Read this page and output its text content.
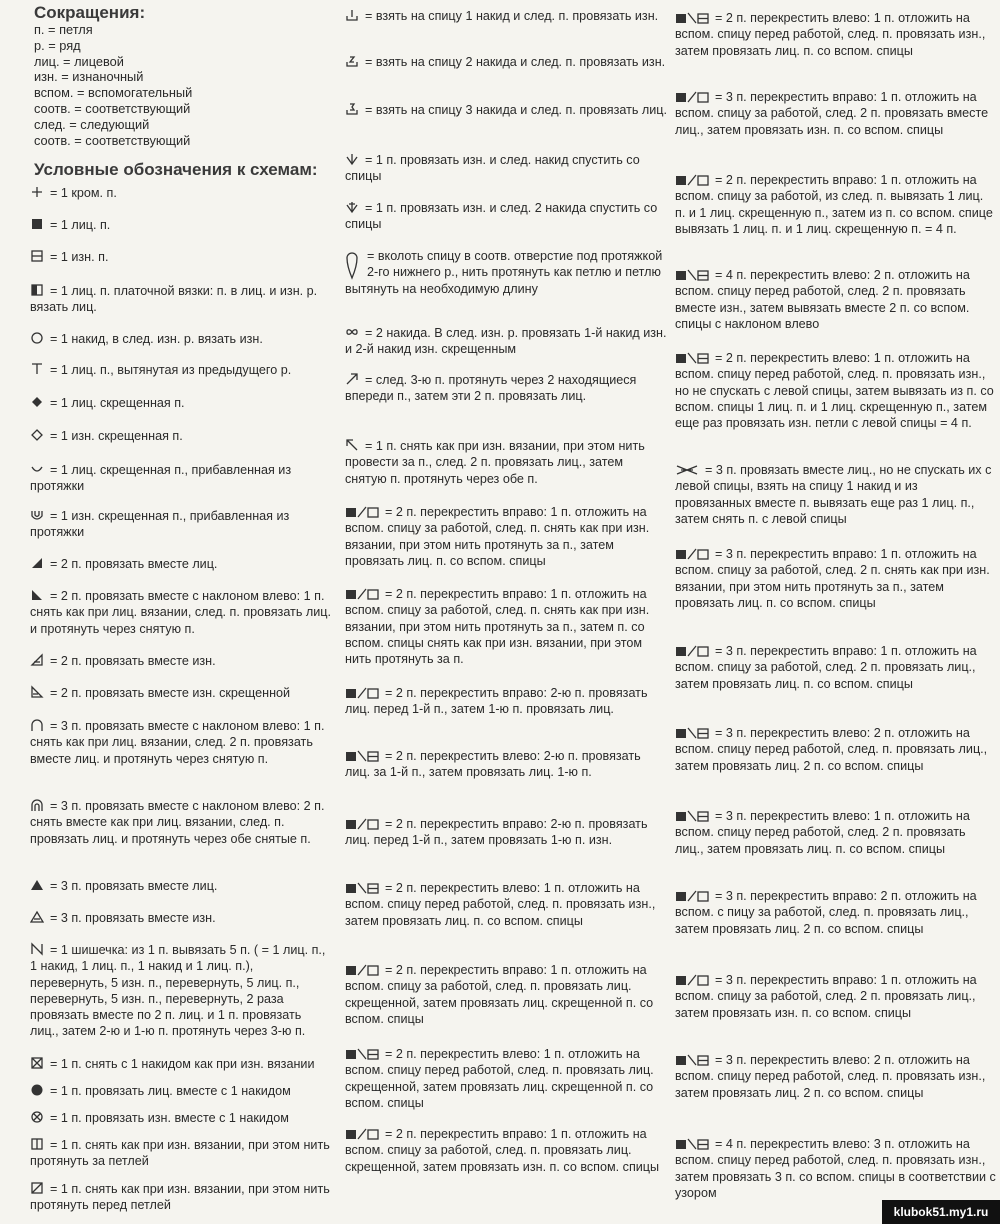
Сокращения:
п. = петля
р. = ряд
лиц. = лицевой
изн. = изнаночный
вспом. = вспомогательный
соотв. = соответствующий
след. = следующий
соотв. = соответствующий
Условные обозначения к схемам:
= 1 кром. п.
= 1 лиц. п.
= 1 изн. п.
= 1 лиц. п. платочной вязки: п. в лиц. и изн. р. вязать лиц.
= 1 накид, в след. изн. р. вязать изн.
= 1 лиц. п., вытянутая из предыдущего р.
= 1 лиц. скрещенная п.
= 1 изн. скрещенная п.
= 1 лиц. скрещенная п., прибавленная из протяжки
= 1 изн. скрещенная п., прибавленная из протяжки
= 2 п. провязать вместе лиц.
= 2 п. провязать вместе с наклоном влево: 1 п. снять как при лиц. вязании, след. п. провязать лиц. и протянуть через снятую п.
= 2 п. провязать вместе изн.
= 2 п. провязать вместе изн. скрещенной
= 3 п. провязать вместе с наклоном влево: 1 п. снять как при лиц. вязании, след. 2 п. провязать вместе лиц. и протянуть через снятую п.
= 3 п. провязать вместе с наклоном влево: 2 п. снять вместе как при лиц. вязании, след. п. провязать лиц. и протянуть через обе снятые п.
= 3 п. провязать вместе лиц.
= 3 п. провязать вместе изн.
= 1 шишечка: из 1 п. вывязать 5 п. ( = 1 лиц. п., 1 накид, 1 лиц. п., 1 накид и 1 лиц. п.), перевернуть, 5 изн. п., перевернуть, 5 лиц. п., перевернуть, 5 изн. п., перевернуть, 2 раза провязать вместе по 2 п. лиц. и 1 п. провязать лиц., затем 2-ю и 1-ю п. протянуть через 3-ю п.
= 1 п. снять с 1 накидом как при изн. вязании
= 1 п. провязать лиц. вместе с 1 накидом
= 1 п. провязать изн. вместе с 1 накидом
= 1 п. снять как при изн. вязании, при этом нить протянуть за петлей
= 1 п. снять как при изн. вязании, при этом нить протянуть перед петлей
= взять на спицу 1 накид и след. п. провязать изн.
= взять на спицу 2 накида и след. п. провязать изн.
= взять на спицу 3 накида и след. п. провязать лиц.
= 1 п. провязать изн. и след. накид спустить со спицы
= 1 п. провязать изн. и след. 2 накида спустить со спицы
= вколоть спицу в соотв. отверстие под протяжкой 2-го нижнего р., нить протянуть как петлю и петлю вытянуть на необходимую длину
= 2 накида. В след. изн. р. провязать 1-й накид изн. и 2-й накид изн. скрещенным
= след. 3-ю п. протянуть через 2 находящиеся впереди п., затем эти 2 п. провязать лиц.
= 1 п. снять как при изн. вязании, при этом нить провести за п., след. 2 п. провязать лиц., затем снятую п. протянуть через обе п.
= 2 п. перекрестить вправо: 1 п. отложить на вспом. спицу за работой, след. п. снять как при изн. вязании, при этом нить протянуть за п., затем провязать лиц. п. со вспом. спицы
= 2 п. перекрестить вправо: 1 п. отложить на вспом. спицу за работой, след. п. снять как при изн. вязании, при этом нить протянуть за п., затем п. со вспом. спицы снять как при изн. вязании, при этом нить протянуть за п.
= 2 п. перекрестить вправо: 2-ю п. провязать лиц. перед 1-й п., затем 1-ю п. провязать лиц.
= 2 п. перекрестить влево: 2-ю п. провязать лиц. за 1-й п., затем провязать лиц. 1-ю п.
= 2 п. перекрестить вправо: 2-ю п. провязать лиц. перед 1-й п., затем провязать 1-ю п. изн.
= 2 п. перекрестить влево: 1 п. отложить на вспом. спицу перед работой, след. п. провязать изн., затем провязать лиц. п. со вспом. спицы
= 2 п. перекрестить вправо: 1 п. отложить на вспом. спицу за работой, след. п. провязать лиц. скрещенной, затем провязать лиц. скрещенной п. со вспом. спицы
= 2 п. перекрестить влево: 1 п. отложить на вспом. спицу перед работой, след. п. провязать лиц. скрещенной, затем провязать лиц. скрещенной п. со вспом. спицы
= 2 п. перекрестить вправо: 1 п. отложить на вспом. спицу за работой, след. п. провязать лиц. скрещенной, затем провязать изн. п. со вспом. спицы
= 2 п. перекрестить влево: 1 п. отложить на вспом. спицу перед работой, след. п. провязать изн., затем провязать лиц. п. со вспом. спицы
= 3 п. перекрестить вправо: 1 п. отложить на вспом. спицу за работой, след. 2 п. провязать вместе лиц., затем провязать изн. п. со вспом. спицы
= 2 п. перекрестить вправо: 1 п. отложить на вспом. спицу за работой, из след. п. вывязать 1 лиц. п. и 1 лиц. скрещенную п., затем из п. со вспом. спице вывязать 1 лиц. п. и 1 лиц. скрещенную п. = 4 п.
= 4 п. перекрестить влево: 2 п. отложить на вспом. спицу перед работой, след. 2 п. провязать вместе изн., затем вывязать вместе 2 п. со вспом. спицы с наклоном влево
= 2 п. перекрестить влево: 1 п. отложить на вспом. спицу перед работой, след. п. провязать изн., но не спускать с левой спицы, затем вывязать из п. со вспом. спицы 1 лиц. п. и 1 лиц. скрещенную п., затем еще раз провязать изн. петли с левой спицы = 4 п.
= 3 п. провязать вместе лиц., но не спускать их с левой спицы, взять на спицу 1 накид и из провязанных вместе п. вывязать еще раз 1 лиц. п., затем снять п. с левой спицы
= 3 п. перекрестить вправо: 1 п. отложить на вспом. спицу за работой, след. 2 п. снять как при изн. вязании, при этом нить протянуть за п., затем провязать лиц. п. со вспом. спицы
= 3 п. перекрестить вправо: 1 п. отложить на вспом. спицу за работой, след. 2 п. провязать лиц., затем провязать лиц. п. со вспом. спицы
= 3 п. перекрестить влево: 2 п. отложить на вспом. спицу перед работой, след. п. провязать лиц., затем провязать лиц. 2 п. со вспом. спицы
= 3 п. перекрестить влево: 1 п. отложить на вспом. спицу перед работой, след. 2 п. провязать лиц., затем провязать лиц. п. со вспом. спицы
= 3 п. перекрестить вправо: 2 п. отложить на вспом. с пицу за работой, след. п. провязать лиц., затем провязать лиц. 2 п. со вспом. спицы
= 3 п. перекрестить вправо: 1 п. отложить на вспом. спицу за работой, след. 2 п. провязать лиц., затем провязать изн. п. со вспом. спицы
= 3 п. перекрестить влево: 2 п. отложить на вспом. спицу перед работой, след. п. провязать изн., затем провязать лиц. 2 п. со вспом. спицы
= 4 п. перекрестить влево: 3 п. отложить на вспом. спицу перед работой, след. п. провязать изн., затем провязать 3 п. со вспом. спицы в соответствии с узором
klubok51.my1.ru
